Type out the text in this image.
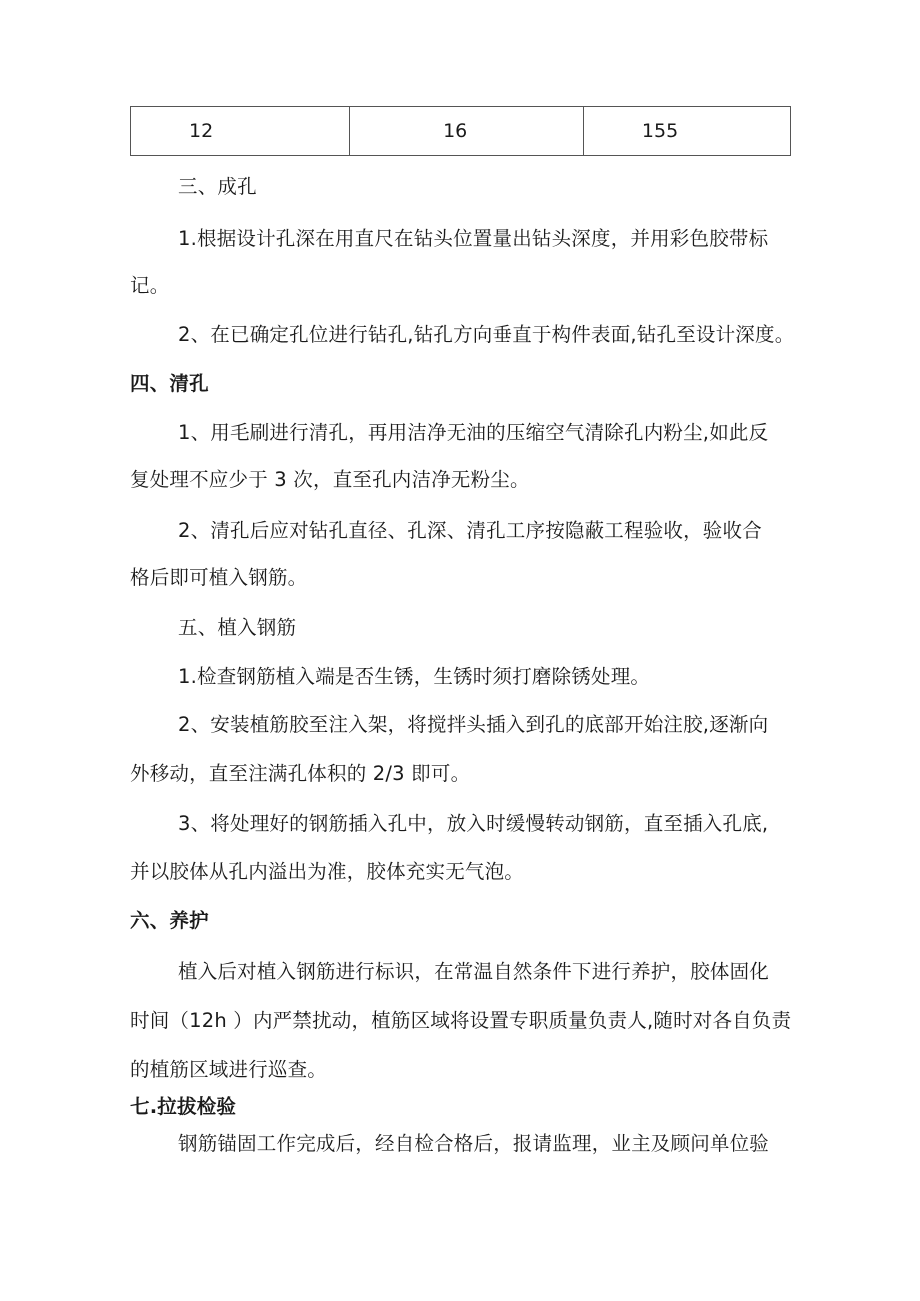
12	16	155
三、成孔
1.根据设计孔深在用直尺在钻头位置量出钻头深度，并用彩色胶带标
记。
2、在已确定孔位进行钻孔,钻孔方向垂直于构件表面,钻孔至设计深度。
四、清孔
1、用毛刷进行清孔，再用洁净无油的压缩空气清除孔内粉尘,如此反
复处理不应少于 3 次，直至孔内洁净无粉尘。
2、清孔后应对钻孔直径、孔深、清孔工序按隐蔽工程验收，验收合
格后即可植入钢筋。
五、植入钢筋
1.检查钢筋植入端是否生锈，生锈时须打磨除锈处理。
2、安装植筋胶至注入架，将搅拌头插入到孔的底部开始注胶,逐渐向
外移动，直至注满孔体积的 2/3 即可。
3、将处理好的钢筋插入孔中，放入时缓慢转动钢筋，直至插入孔底,
并以胶体从孔内溢出为准，胶体充实无气泡。
六、养护
植入后对植入钢筋进行标识，在常温自然条件下进行养护，胶体固化
时间（12h ）内严禁扰动，植筋区域将设置专职质量负责人,随时对各自负责
的植筋区域进行巡查。
七.拉拔检验
钢筋锚固工作完成后，经自检合格后，报请监理，业主及顾问单位验
